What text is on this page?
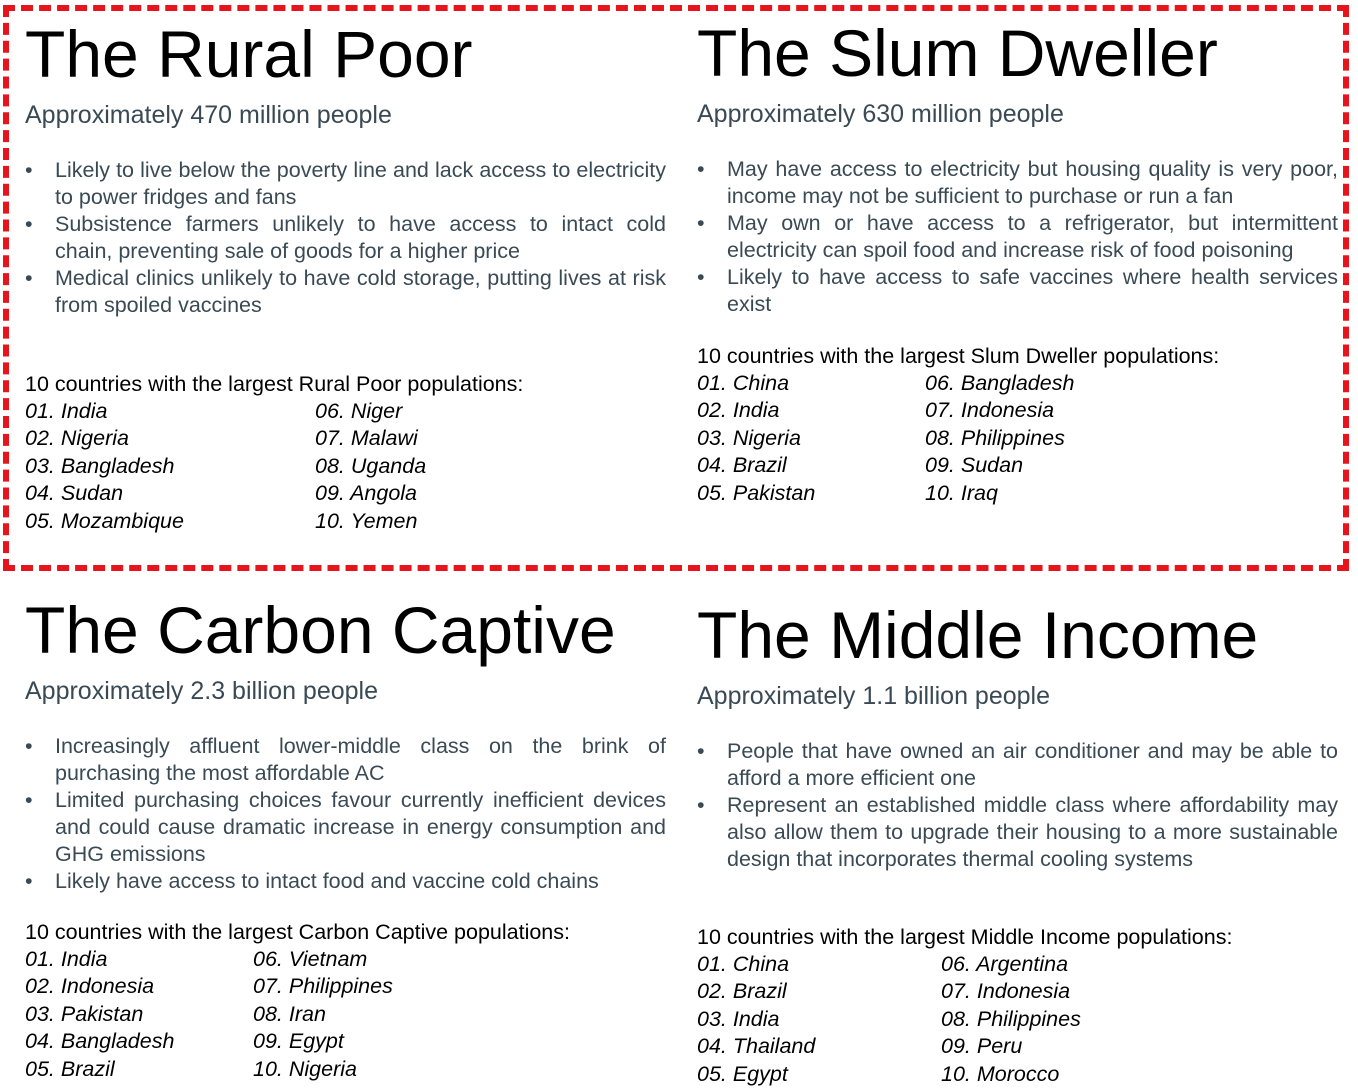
The Rural Poor
Approximately 470 million people
• Likely to live below the poverty line and lack access to electricity to power fridges and fans
• Subsistence farmers unlikely to have access to intact cold chain, preventing sale of goods for a higher price
• Medical clinics unlikely to have cold storage, putting lives at risk from spoiled vaccines
10 countries with the largest Rural Poor populations:
01. India
02. Nigeria
03. Bangladesh
04. Sudan
05. Mozambique
06. Niger
07. Malawi
08. Uganda
09. Angola
10. Yemen
The Slum Dweller
Approximately 630 million people
• May have access to electricity but housing quality is very poor, income may not be sufficient to purchase or run a fan
• May own or have access to a refrigerator, but intermittent electricity can spoil food and increase risk of food poisoning
• Likely to have access to safe vaccines where health services exist
10 countries with the largest Slum Dweller populations:
01. China
02. India
03. Nigeria
04. Brazil
05. Pakistan
06. Bangladesh
07. Indonesia
08. Philippines
09. Sudan
10. Iraq
The Carbon Captive
Approximately 2.3 billion people
• Increasingly affluent lower-middle class on the brink of purchasing the most affordable AC
• Limited purchasing choices favour currently inefficient devices and could cause dramatic increase in energy consumption and GHG emissions
• Likely have access to intact food and vaccine cold chains
10 countries with the largest Carbon Captive populations:
01. India
02. Indonesia
03. Pakistan
04. Bangladesh
05. Brazil
06. Vietnam
07. Philippines
08. Iran
09. Egypt
10. Nigeria
The Middle Income
Approximately 1.1 billion people
• People that have owned an air conditioner and may be able to afford a more efficient one
• Represent an established middle class where affordability may also allow them to upgrade their housing to a more sustainable design that incorporates thermal cooling systems
10 countries with the largest Middle Income populations:
01. China
02. Brazil
03. India
04. Thailand
05. Egypt
06. Argentina
07. Indonesia
08. Philippines
09. Peru
10. Morocco
